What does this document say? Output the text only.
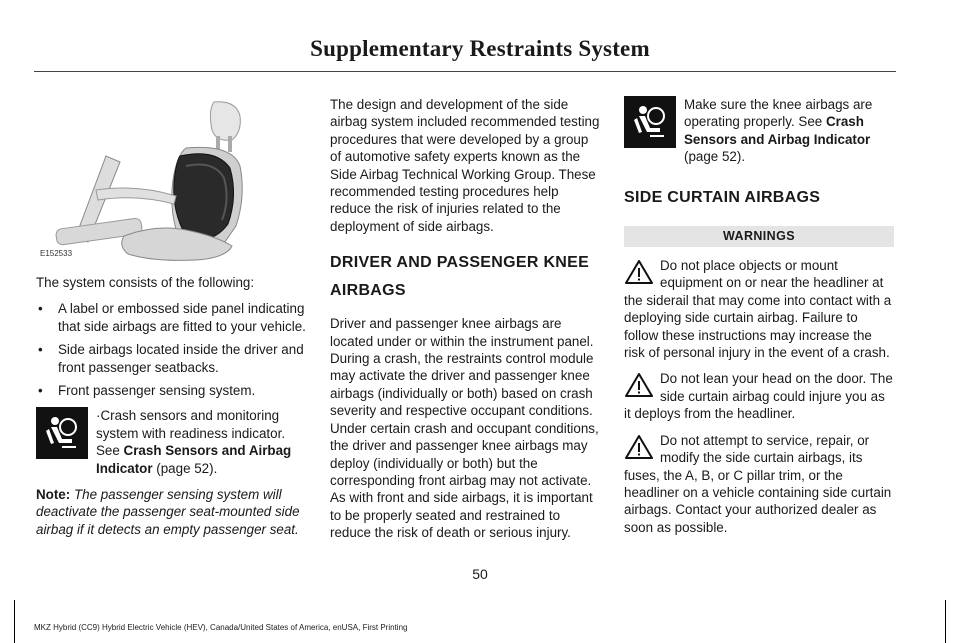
Supplementary Restraints System
E152533

The system consists of the following:

• A label or embossed side panel indicating that side airbags are fitted to your vehicle.
• Side airbags located inside the driver and front passenger seatbacks.
• Front passenger sensing system.

·Crash sensors and monitoring system with readiness indicator. See Crash Sensors and Airbag Indicator (page 52).

Note: The passenger sensing system will deactivate the passenger seat-mounted side airbag if it detects an empty passenger seat.

The design and development of the side airbag system included recommended testing procedures that were developed by a group of automotive safety experts known as the Side Airbag Technical Working Group. These recommended testing procedures help reduce the risk of injuries related to the deployment of side airbags.

DRIVER AND PASSENGER KNEE AIRBAGS

Driver and passenger knee airbags are located under or within the instrument panel. During a crash, the restraints control module may activate the driver and passenger knee airbags (individually or both) based on crash severity and respective occupant conditions. Under certain crash and occupant conditions, the driver and passenger knee airbags may deploy (individually or both) but the corresponding front airbag may not activate. As with front and side airbags, it is important to be properly seated and restrained to reduce the risk of death or serious injury.

Make sure the knee airbags are operating properly. See Crash Sensors and Airbag Indicator (page 52).

SIDE CURTAIN AIRBAGS
WARNINGS
Do not place objects or mount equipment on or near the headliner at the siderail that may come into contact with a deploying side curtain airbag. Failure to follow these instructions may increase the risk of personal injury in the event of a crash.
Do not lean your head on the door. The side curtain airbag could injure you as it deploys from the headliner.
Do not attempt to service, repair, or modify the side curtain airbags, its fuses, the A, B, or C pillar trim, or the headliner on a vehicle containing side curtain airbags. Contact your authorized dealer as soon as possible.
50
MKZ Hybrid (CC9) Hybrid Electric Vehicle (HEV), Canada/United States of America, enUSA, First Printing
